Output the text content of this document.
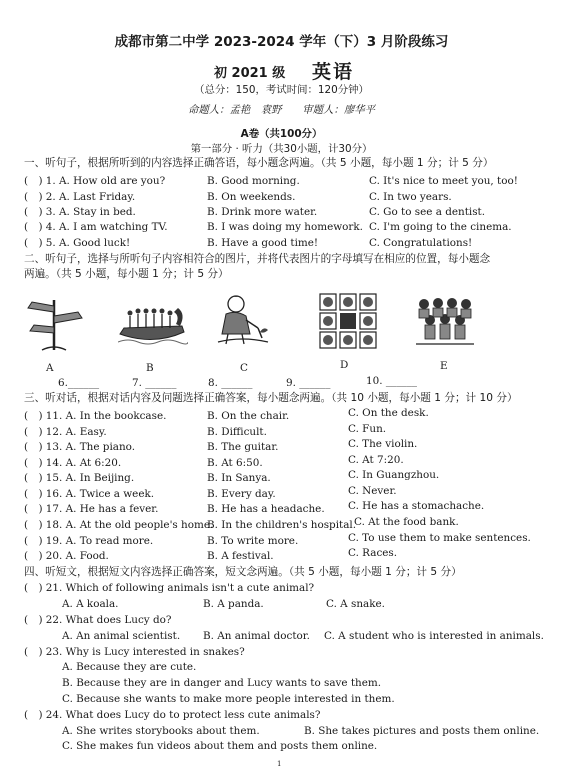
成都市第二中学 2023-2024 学年（下）3 月阶段练习
初 2021 级 英语
（总分：150，考试时间：120分钟）
命题人：孟艳　袁野　　审题人：廖华平
A卷（共100分）
第一部分 · 听力（共30小题，计30分）
一、听句子，根据所听到的内容选择正确答语，每小题念两遍。（共 5 小题，每小题 1 分；计 5 分）
(　) 1. A. How old are you?	B. Good morning.	C. It's nice to meet you, too!
(　) 2. A. Last Friday.	B. On weekends.	C. In two years.
(　) 3. A. Stay in bed.	B. Drink more water.	C. Go to see a dentist.
(　) 4. A. I am watching TV.	B. I was doing my homework. C. I'm going to the cinema.
(　) 5. A. Good luck!	B. Have a good time!	C. Congratulations!
二、听句子，选择与所听句子内容相符合的图片，并将代表图片的字母填写在相应的位置，每小题念
两遍。（共 5 小题，每小题 1 分；计 5 分）
A	B	C	D	E
6.______	7. ______	8. ______	9. ______	10. ______
三、听对话，根据对话内容及问题选择正确答案，每小题念两遍。（共 10 小题，每小题 1 分；计 10 分）
(　) 11. A. In the bookcase.	B. On the chair.	C. On the desk.
(　) 12. A. Easy.	B. Difficult.	C. Fun.
(　) 13. A. The piano.	B. The guitar.	C. The violin.
(　) 14. A. At 6:20.	B. At 6:50.	C. At 7:20.
(　) 15. A. In Beijing.	B. In Sanya.	C. In Guangzhou.
(　) 16. A. Twice a week.	B. Every day.	C. Never.
(　) 17. A. He has a fever.	B. He has a headache. C. He has a stomachache.
(　) 18. A. At the old people's home.
B. In the children's hospital.
C. At the food bank.
(　) 19. A. To read more.	B. To write more.	C. To use them to make sentences.
(　) 20. A. Food.	B. A festival.	C. Races.
四、听短文，根据短文内容选择正确答案，短文念两遍。（共 5 小题，每小题 1 分；计 5 分）
(　) 21. Which of following animals isn't a cute animal?
A. A koala.	B. A panda.	C. A snake.
(　) 22. What does Lucy do?
A. An animal scientist. B. An animal doctor. C. A student who is interested in animals.
(　) 23. Why is Lucy interested in snakes?
A. Because they are cute.
B. Because they are in danger and Lucy wants to save them.
C. Because she wants to make more people interested in them.
(　) 24. What does Lucy do to protect less cute animals?
A. She writes storybooks about them.	B. She takes pictures and posts them online.
C. She makes fun videos about them and posts them online.
1
